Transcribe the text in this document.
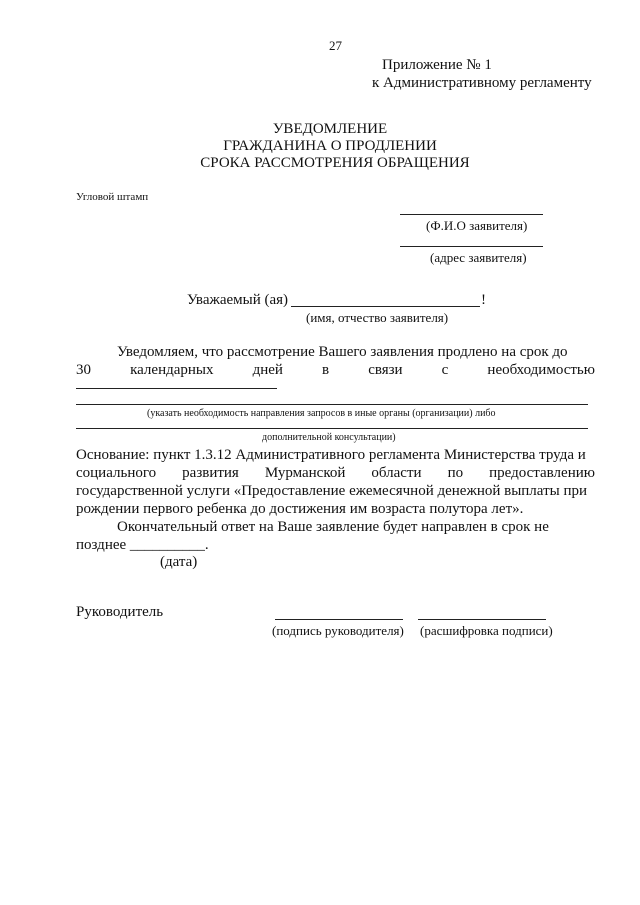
27
Приложение № 1
к Административному регламенту
УВЕДОМЛЕНИЕ
ГРАЖДАНИНА О ПРОДЛЕНИИ
СРОКА РАССМОТРЕНИЯ ОБРАЩЕНИЯ
Угловой штамп
(Ф.И.О заявителя)
(адрес заявителя)
Уважаемый (ая)	!
(имя, отчество заявителя)
Уведомляем, что рассмотрение Вашего заявления продлено на срок до
30	календарных	дней	в	связи	с	необходимостью
(указать необходимость направления запросов в иные органы (организации) либо
дополнительной консультации)
Основание: пункт 1.3.12 Административного регламента Министерства труда и
социального развития Мурманской области по предоставлению
государственной услуги «Предоставление ежемесячной денежной выплаты при
рождении первого ребенка до достижения им возраста полутора лет».
Окончательный ответ на Ваше заявление будет направлен в срок не
позднее __________.
(дата)
Руководитель
(подпись руководителя) (расшифровка подписи)
